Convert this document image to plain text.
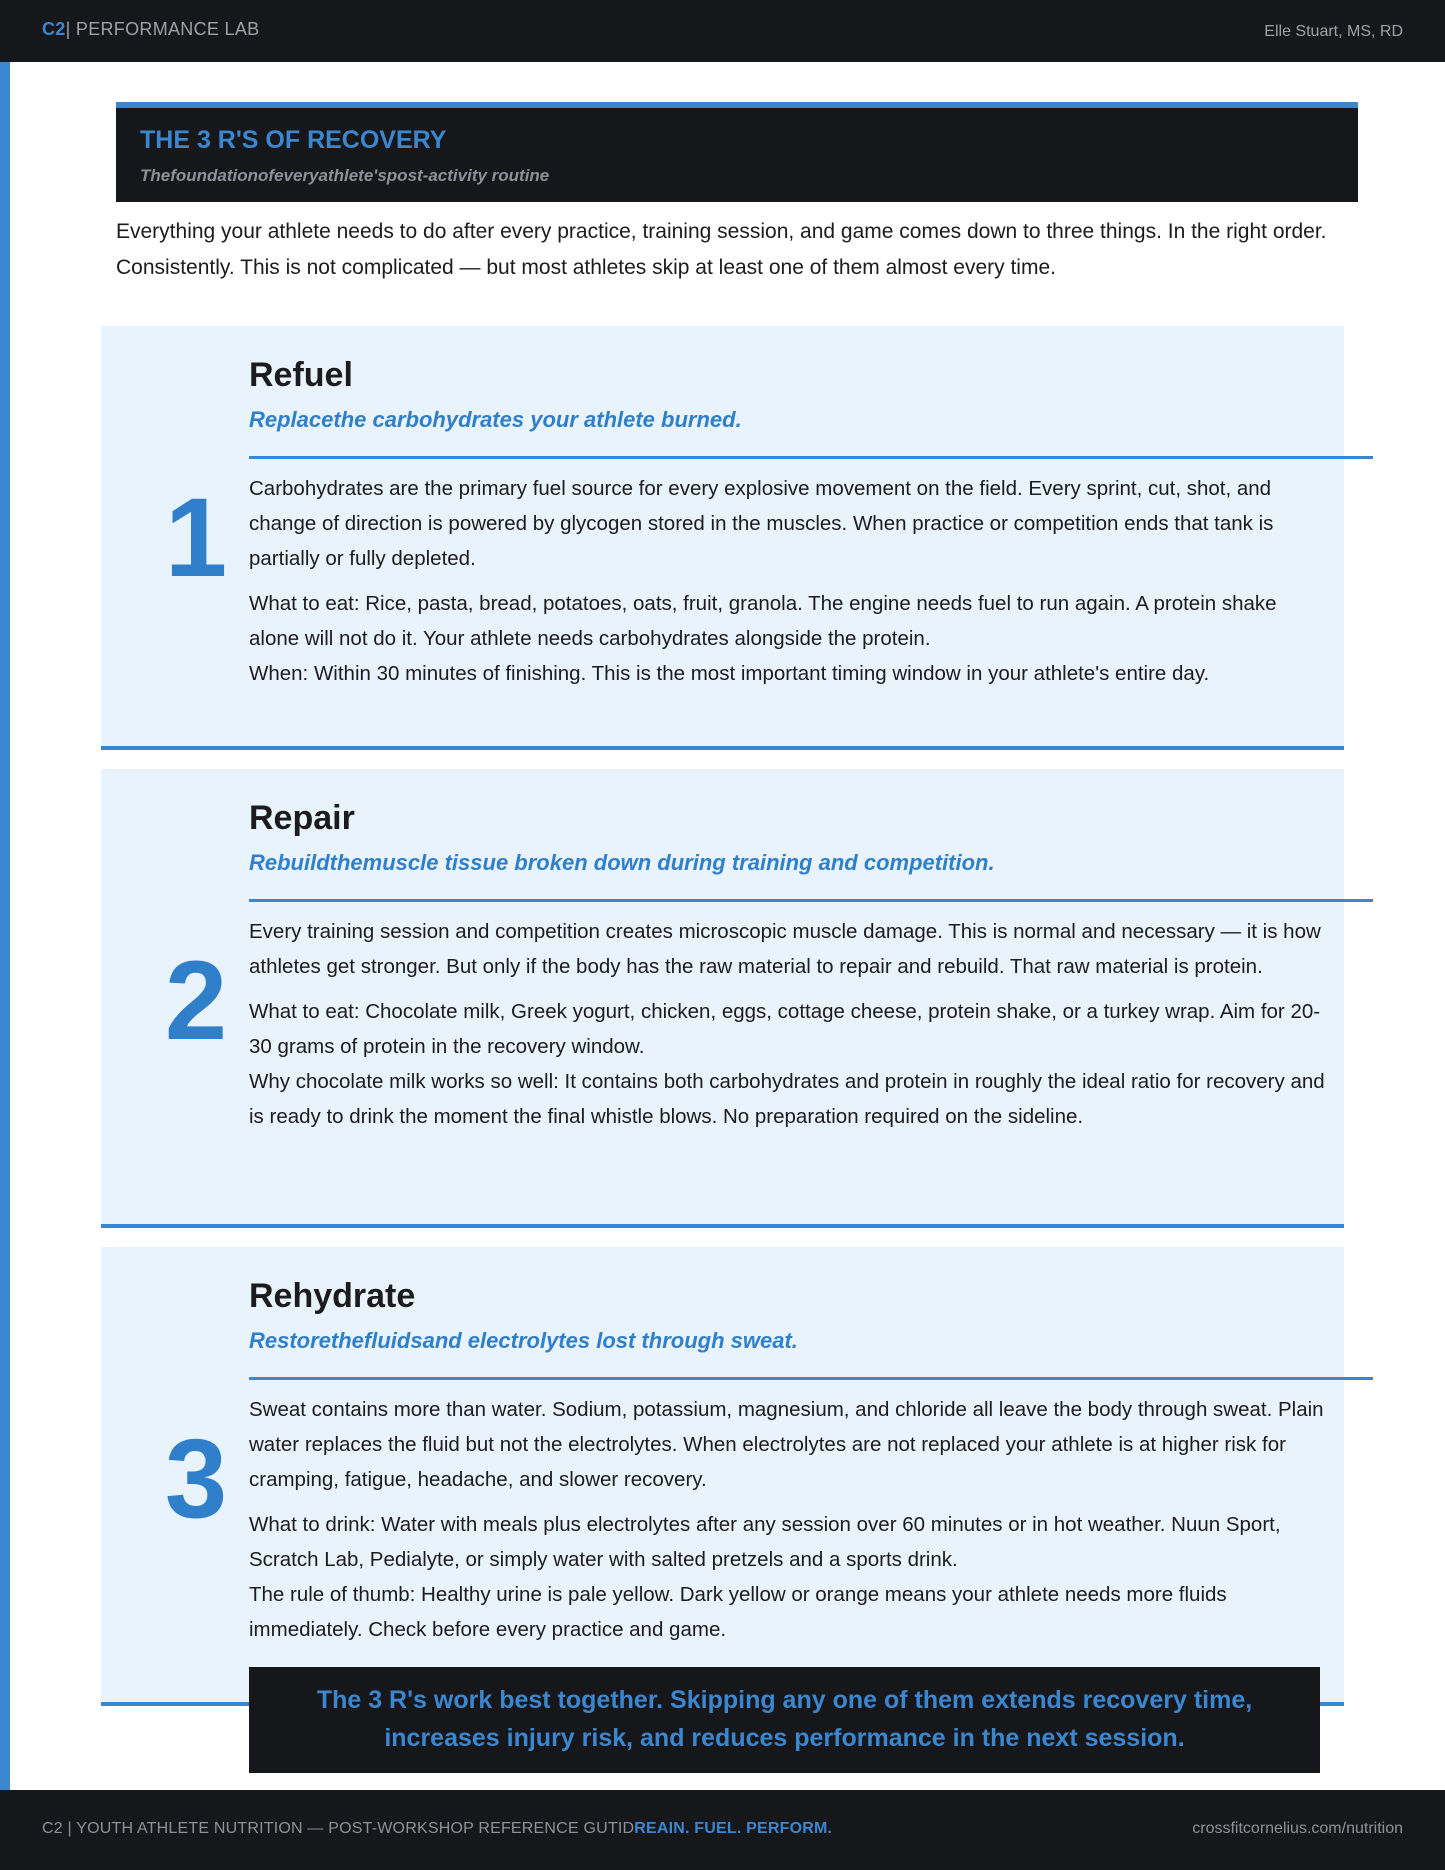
C2| PERFORMANCE LAB	Elle Stuart, MS, RD
THE 3 R'S OF RECOVERY
Thefoundationofeveryathlete'spost-activity routine
Everything your athlete needs to do after every practice, training session, and game comes down to three things. In the right order. Consistently. This is not complicated — but most athletes skip at least one of them almost every time.
1
Refuel
Replacethe carbohydrates your athlete burned.

Carbohydrates are the primary fuel source for every explosive movement on the field. Every sprint, cut, shot, and change of direction is powered by glycogen stored in the muscles. When practice or competition ends that tank is partially or fully depleted.

What to eat: Rice, pasta, bread, potatoes, oats, fruit, granola. The engine needs fuel to run again. A protein shake alone will not do it. Your athlete needs carbohydrates alongside the protein.

When: Within 30 minutes of finishing. This is the most important timing window in your athlete's entire day.

2
Repair
Rebuildthemuscle tissue broken down during training and competition.

Every training session and competition creates microscopic muscle damage. This is normal and necessary — it is how athletes get stronger. But only if the body has the raw material to repair and rebuild. That raw material is protein.

What to eat: Chocolate milk, Greek yogurt, chicken, eggs, cottage cheese, protein shake, or a turkey wrap. Aim for 20-30 grams of protein in the recovery window.

Why chocolate milk works so well: It contains both carbohydrates and protein in roughly the ideal ratio for recovery and is ready to drink the moment the final whistle blows. No preparation required on the sideline.

3
Rehydrate
Restorethefluidsand electrolytes lost through sweat.

Sweat contains more than water. Sodium, potassium, magnesium, and chloride all leave the body through sweat. Plain water replaces the fluid but not the electrolytes. When electrolytes are not replaced your athlete is at higher risk for cramping, fatigue, headache, and slower recovery.

What to drink: Water with meals plus electrolytes after any session over 60 minutes or in hot weather. Nuun Sport, Scratch Lab, Pedialyte, or simply water with salted pretzels and a sports drink.

The rule of thumb: Healthy urine is pale yellow. Dark yellow or orange means your athlete needs more fluids immediately. Check before every practice and game.

The 3 R's work best together. Skipping any one of them extends recovery time,
increases injury risk, and reduces performance in the next session.
C2 | YOUTH ATHLETE NUTRITION — POST-WORKSHOP REFERENCE GUTIDREAIN. FUEL. PERFORM.	crossfitcornelius.com/nutrition
